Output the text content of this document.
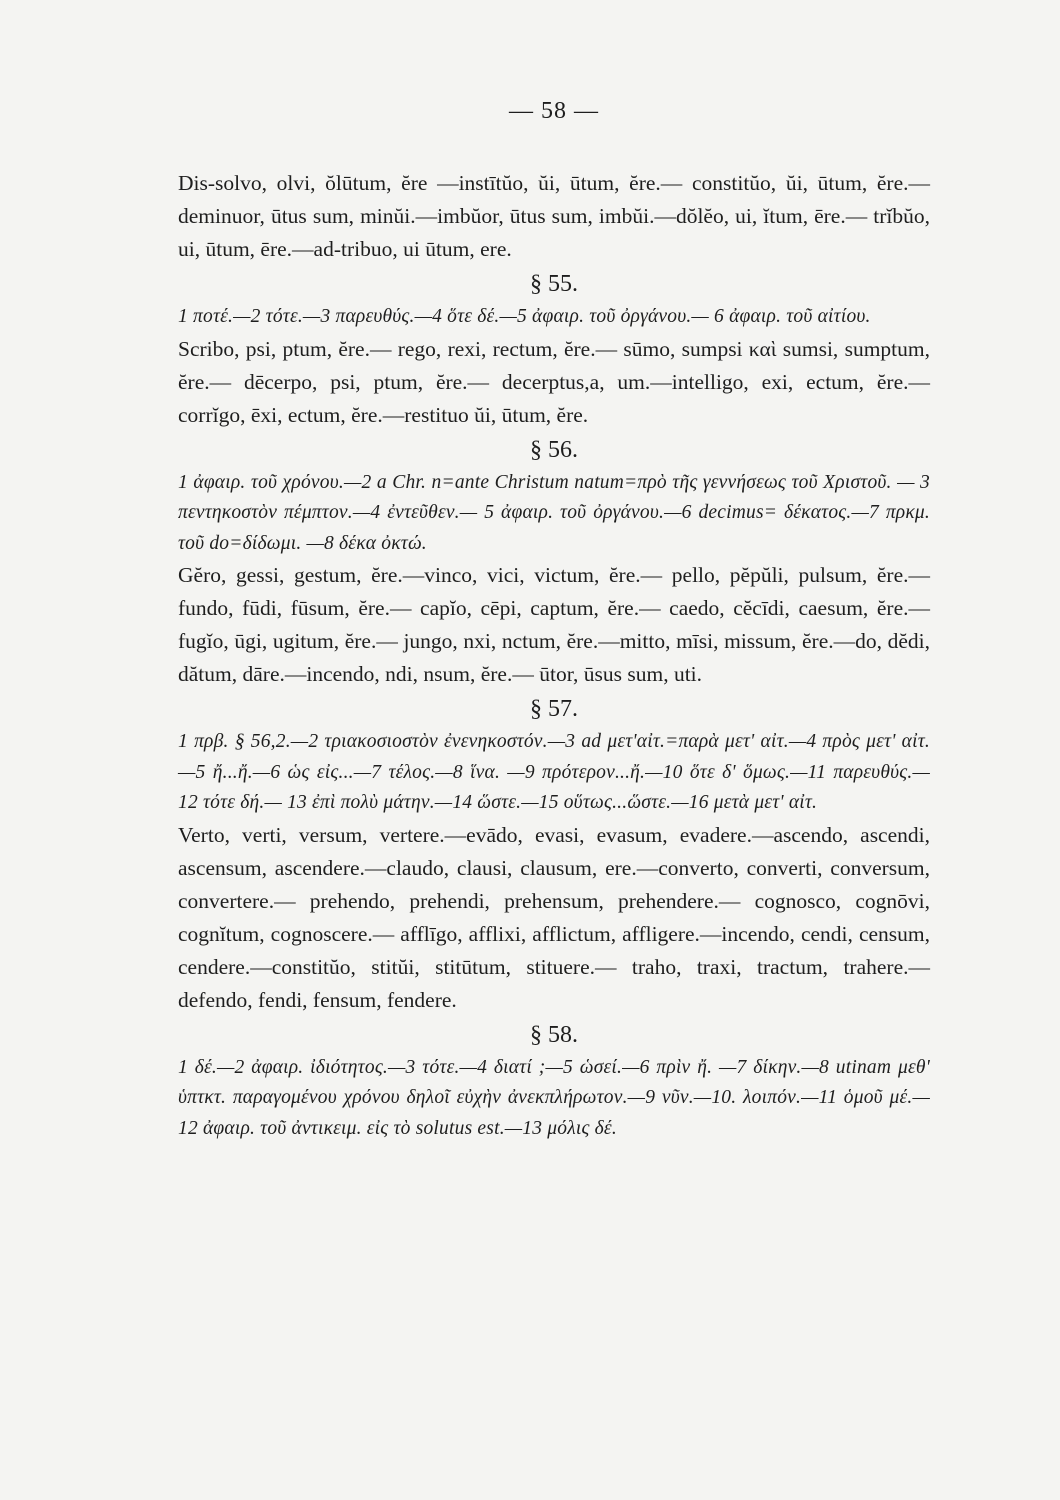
— 58 —

Dis-solvo, olvi, ŏlūtum, ĕre —instītŭo, ŭi, ūtum, ĕre.— constitŭo, ŭi, ūtum, ĕre.— deminuor, ūtus sum, minŭi.—imbŭor, ūtus sum, imbŭi.—dŏlĕo, ui, ĭtum, ēre.— trĭbŭo, ui, ūtum, ēre.—ad-tribuo, ui ūtum, ere.

§ 55.

1 ποτέ.—2 τότε.—3 παρευθύς.—4 ὅτε δέ.—5 ἀφαιρ. τοῦ ὀργάνου.— 6 ἀφαιρ. τοῦ αἰτίου.

Scribo, psi, ptum, ĕre.— rego, rexi, rectum, ĕre.— sūmo, sumpsi καὶ sumsi, sumptum, ĕre.— dēcerpo, psi, ptum, ĕre.— decerptus,a, um.—intelligo, exi, ectum, ĕre.—corrĭgo, ēxi, ectum, ĕre.—restituo ŭi, ūtum, ĕre.

§ 56.

1 ἀφαιρ. τοῦ χρόνου.—2 a Chr. n=ante Christum natum=πρὸ τῆς γεννήσεως τοῦ Χριστοῦ. — 3 πεντηκοστὸν πέμπτον.—4 ἐντεῦθεν.— 5 ἀφαιρ. τοῦ ὀργάνου.—6 decimus= δέκατος.—7 πρκμ. τοῦ do=δίδωμι. —8 δέκα ὀκτώ.

Gĕro, gessi, gestum, ĕre.—vinco, vici, victum, ĕre.— pello, pĕpŭli, pulsum, ĕre.— fundo, fūdi, fūsum, ĕre.— capĭo, cēpi, captum, ĕre.— caedo, cĕcīdi, caesum, ĕre.— fugĭo, ūgi, ugitum, ĕre.— jungo, nxi, nctum, ĕre.—mitto, mīsi, missum, ĕre.—do, dĕdi, dătum, dāre.—incendo, ndi, nsum, ĕre.— ūtor, ūsus sum, uti.

§ 57.

1 πρβ. § 56,2.—2 τριακοσιοστὸν ἐνενηκοστόν.—3 ad μετ'αἰτ.=παρὰ μετ' αἰτ.—4 πρὸς μετ' αἰτ.—5 ἤ...ἤ.—6 ὡς εἰς...—7 τέλος.—8 ἵνα. —9 πρότερον...ἤ.—10 ὅτε δ' ὅμως.—11 παρευθύς.— 12 τότε δή.— 13 ἐπὶ πολὺ μάτην.—14 ὥστε.—15 οὕτως...ὥστε.—16 μετὰ μετ' αἰτ.

Verto, verti, versum, vertere.—evādo, evasi, evasum, evadere.—ascendo, ascendi, ascensum, ascendere.—claudo, clausi, clausum, ere.—converto, converti, conversum, convertere.— prehendo, prehendi, prehensum, prehendere.— cognosco, cognōvi, cognĭtum, cognoscere.— afflīgo, afflixi, afflictum, affligere.—incendo, cendi, censum, cendere.—constitŭo, stitŭi, stitūtum, stituere.— traho, traxi, tractum, trahere.—defendo, fendi, fensum, fendere.

§ 58.

1 δέ.—2 ἀφαιρ. ἰδιότητος.—3 τότε.—4 διατί ;—5 ὡσεί.—6 πρὶν ἤ. —7 δίκην.—8 utinam μεθ' ὑπτκτ. παραγομένου χρόνου δηλοῖ εὐχὴν ἀνεκπλήρωτον.—9 νῦν.—10. λοιπόν.—11 ὁμοῦ μέ.—12 ἀφαιρ. τοῦ ἀντικειμ. εἰς τὸ solutus est.—13 μόλις δέ.
